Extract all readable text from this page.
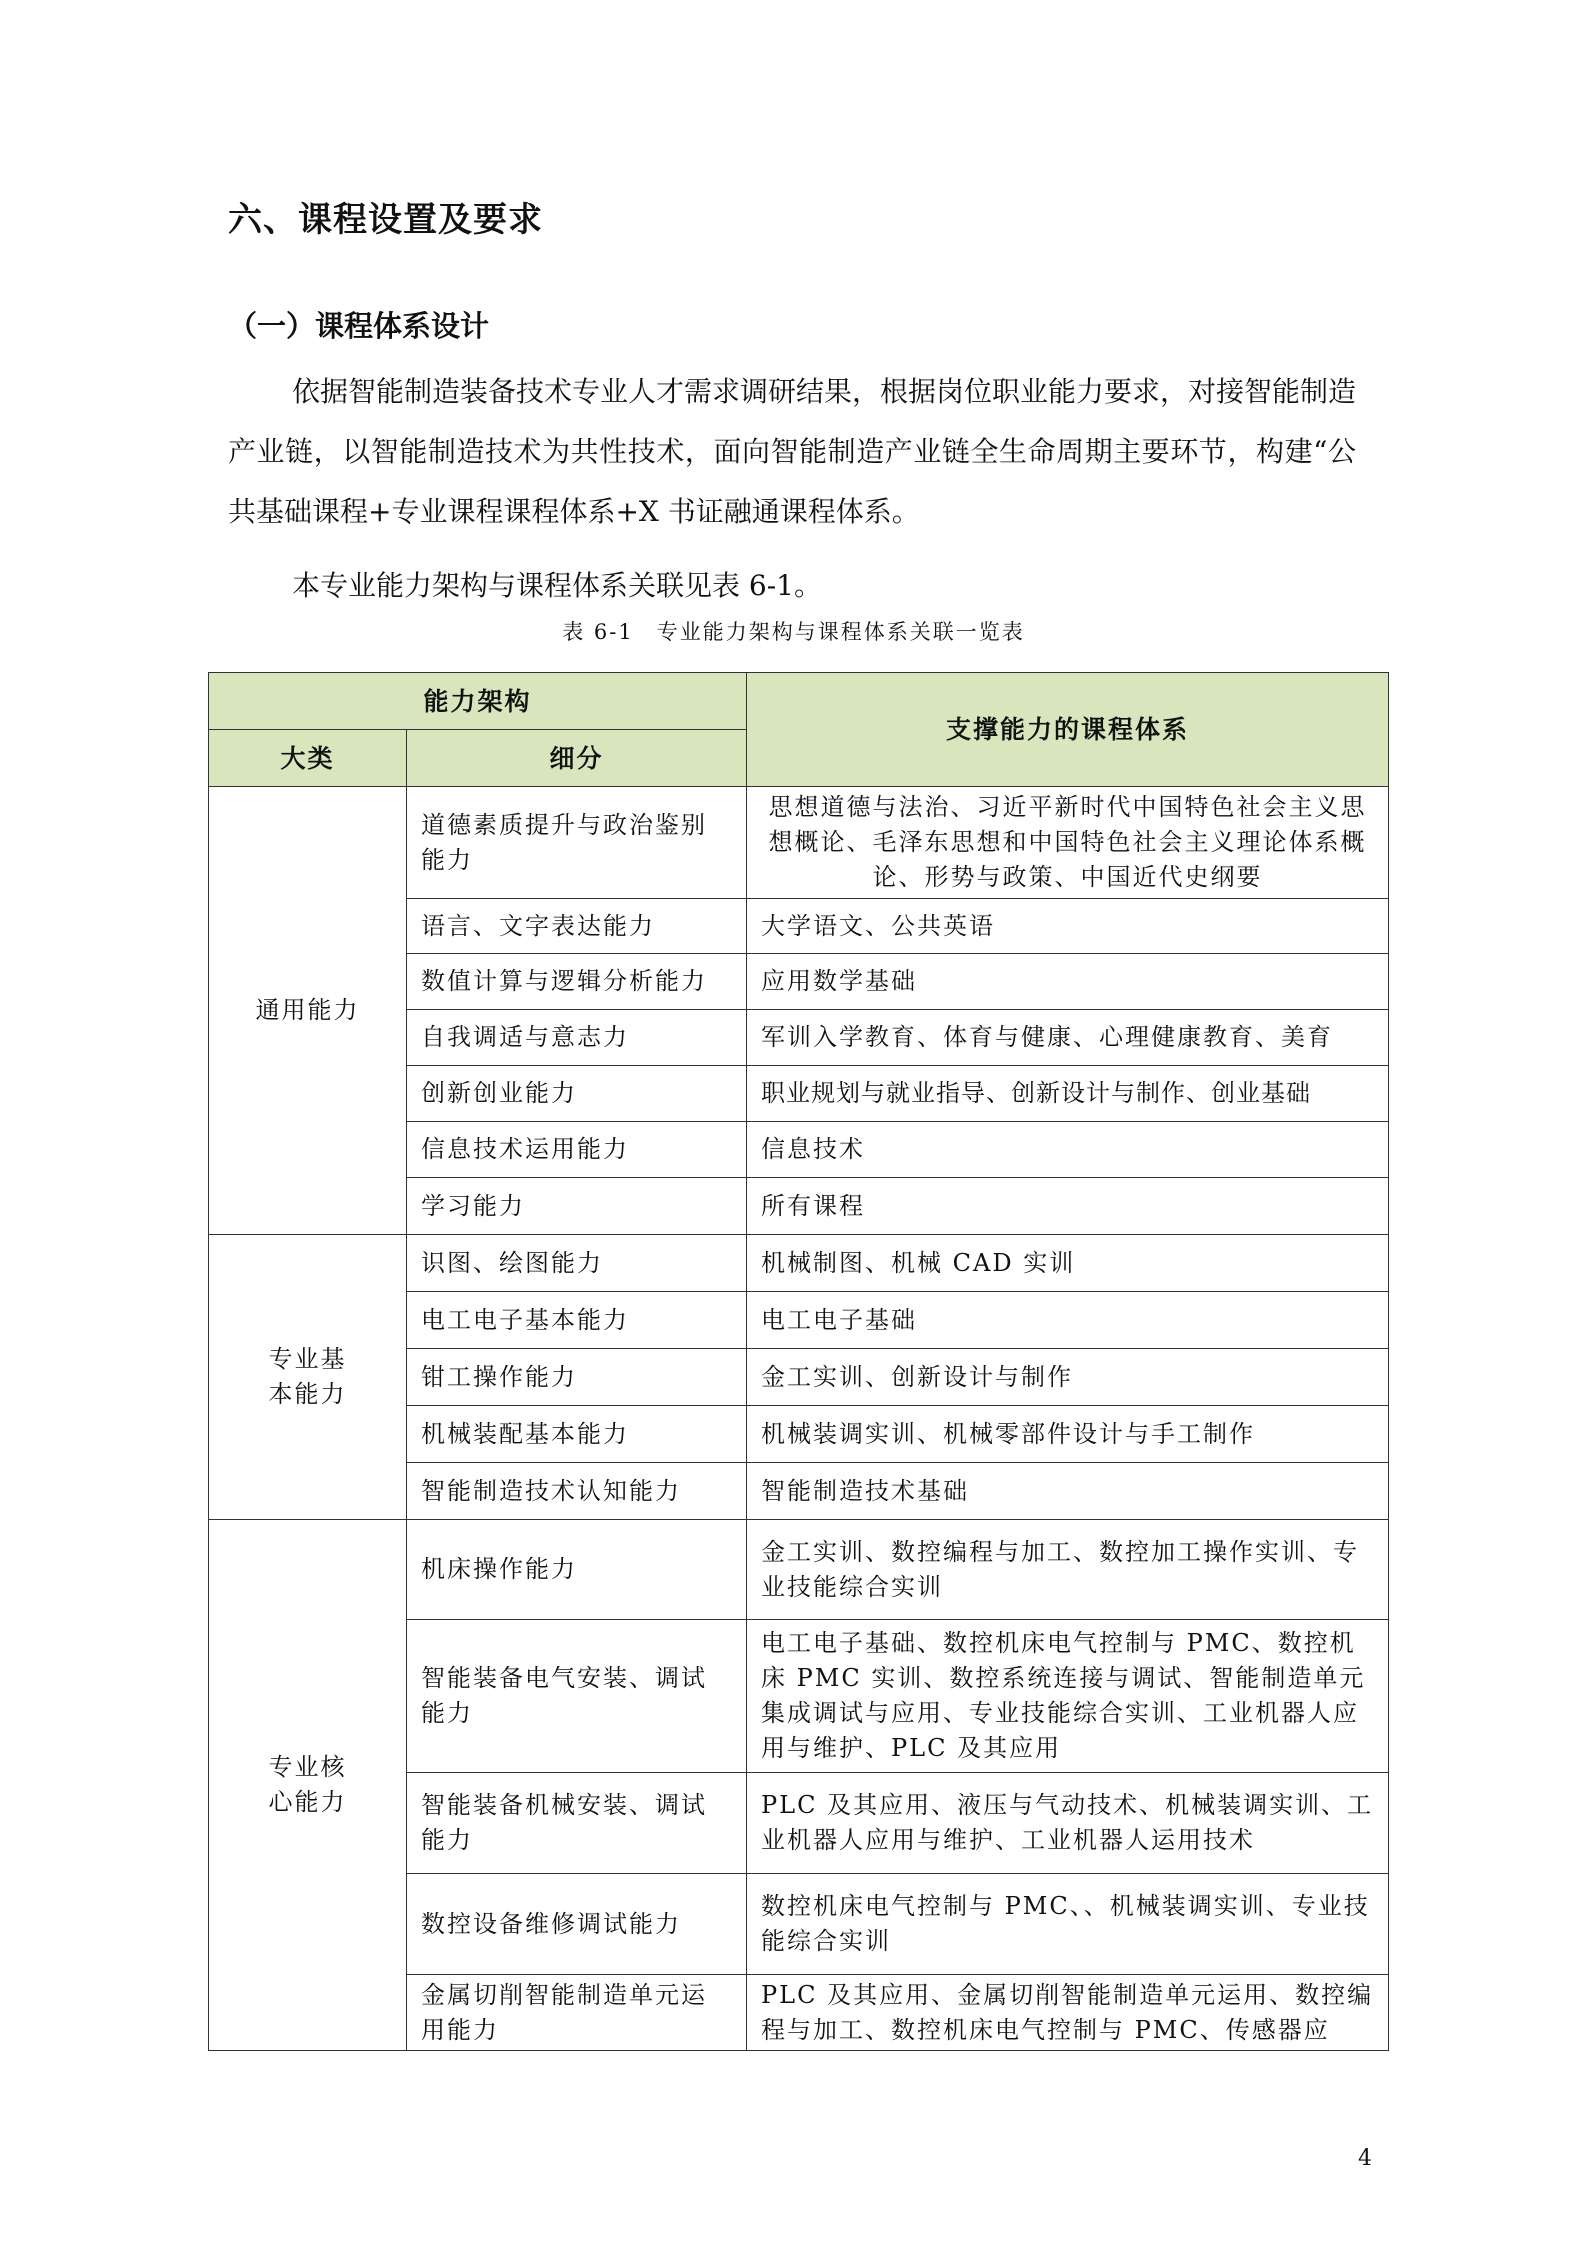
六、课程设置及要求
（一）课程体系设计

依据智能制造装备技术专业人才需求调研结果，根据岗位职业能力要求，对接智能制造产业链，以智能制造技术为共性技术，面向智能制造产业链全生命周期主要环节，构建“公共基础课程+专业课程课程体系+X 书证融通课程体系。

本专业能力架构与课程体系关联见表 6-1。

表 6-1　专业能力架构与课程体系关联一览表

能力架构		支撑能力的课程体系
大类	细分	
通用能力	道德素质提升与政治鉴别能力	思想道德与法治、习近平新时代中国特色社会主义思想概论、毛泽东思想和中国特色社会主义理论体系概论、形势与政策、中国近代史纲要
	语言、文字表达能力	大学语文、公共英语
	数值计算与逻辑分析能力	应用数学基础
	自我调适与意志力	军训入学教育、体育与健康、心理健康教育、美育
	创新创业能力	职业规划与就业指导、创新设计与制作、创业基础
	信息技术运用能力	信息技术
	学习能力	所有课程
专业基本能力	识图、绘图能力	机械制图、机械 CAD 实训
	电工电子基本能力	电工电子基础
	钳工操作能力	金工实训、创新设计与制作
	机械装配基本能力	机械装调实训、机械零部件设计与手工制作
	智能制造技术认知能力	智能制造技术基础
专业核心能力	机床操作能力	金工实训、数控编程与加工、数控加工操作实训、专业技能综合实训
	智能装备电气安装、调试能力	电工电子基础、数控机床电气控制与 PMC、数控机床 PMC 实训、数控系统连接与调试、智能制造单元集成调试与应用、专业技能综合实训、工业机器人应用与维护、PLC 及其应用
	智能装备机械安装、调试能力	PLC 及其应用、液压与气动技术、机械装调实训、工业机器人应用与维护、工业机器人运用技术
	数控设备维修调试能力	数控机床电气控制与 PMC、、机械装调实训、专业技能综合实训
	金属切削智能制造单元运用能力	PLC 及其应用、金属切削智能制造单元运用、数控编程与加工、数控机床电气控制与 PMC、传感器应

4
